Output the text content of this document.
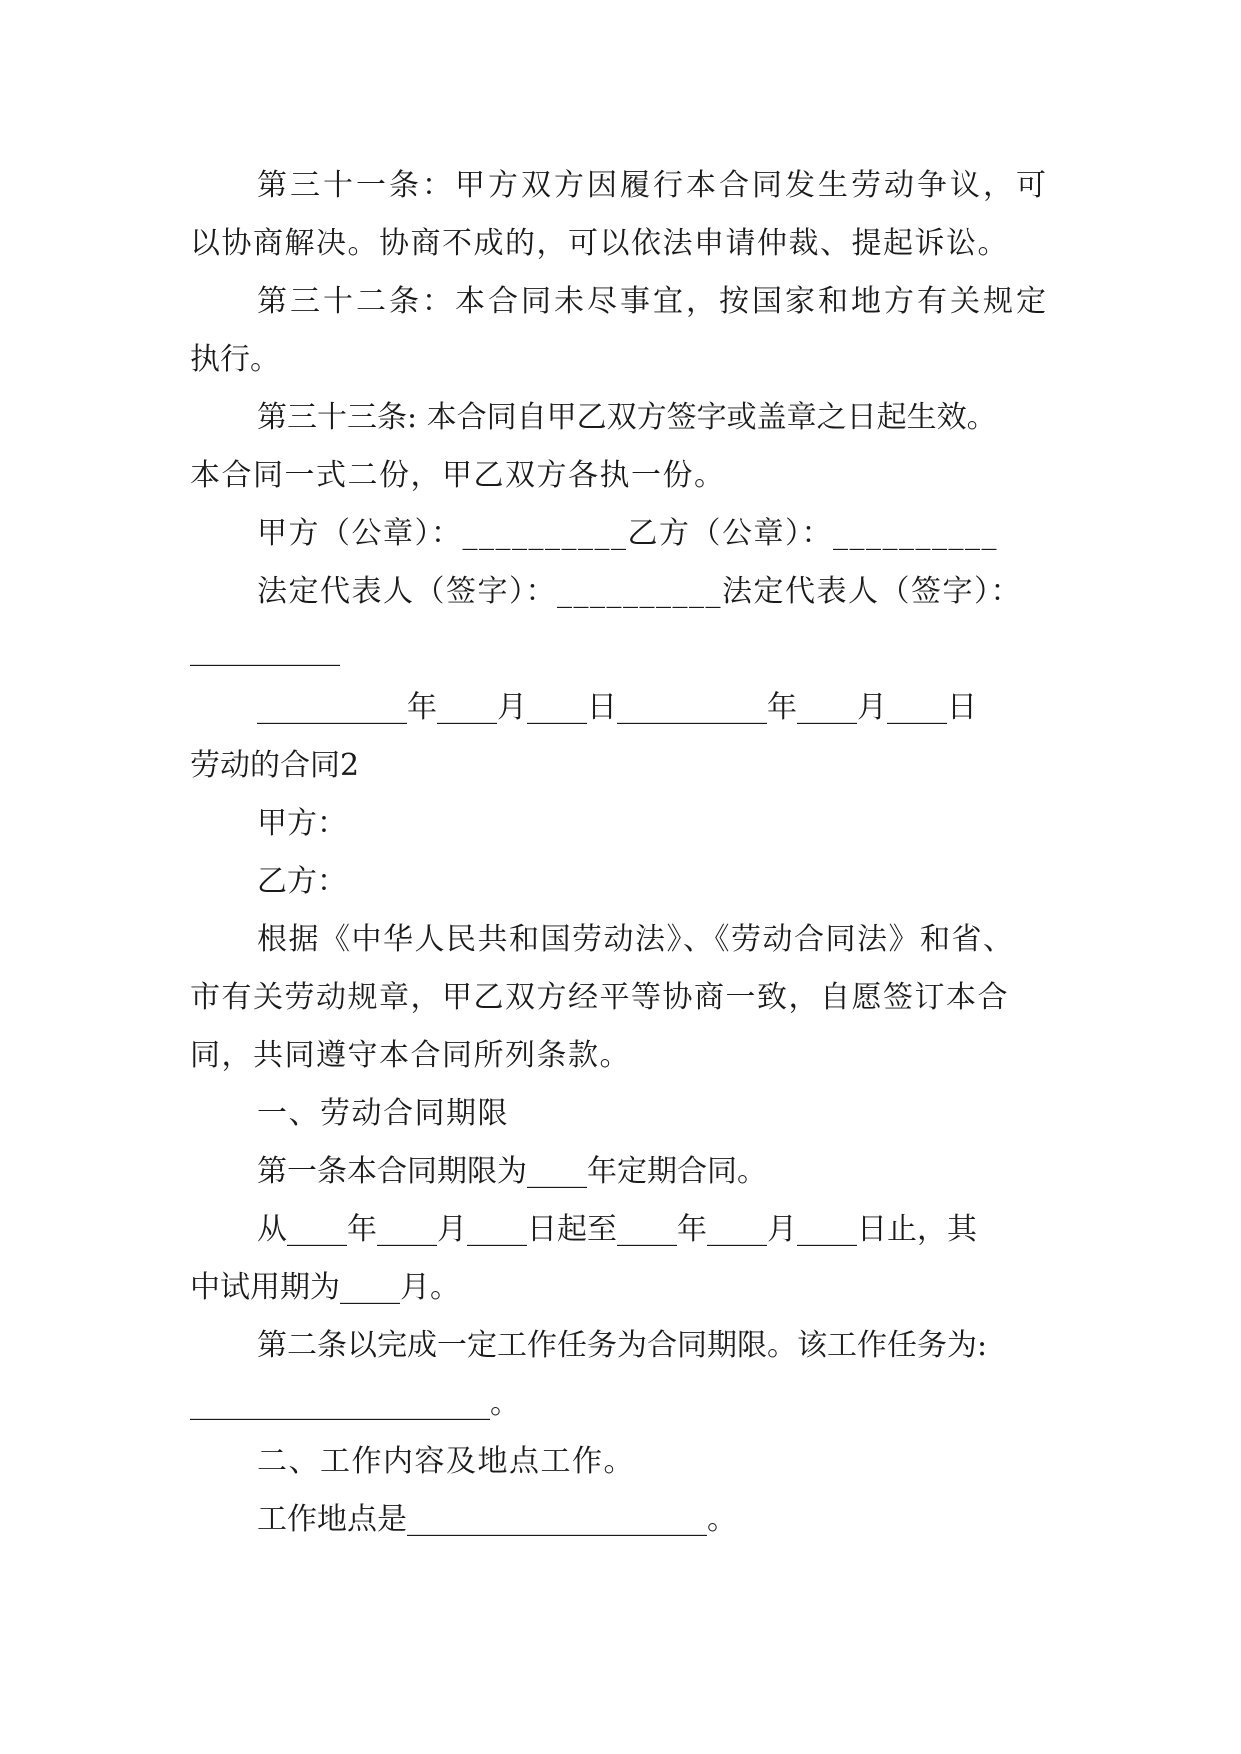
第三十一条：甲方双方因履行本合同发生劳动争议，可

以协商解决。协商不成的，可以依法申请仲裁、提起诉讼。

第三十二条：本合同未尽事宜，按国家和地方有关规定

执行。

第三十三条: 本合同自甲乙双方签字或盖章之日起生效。

本合同一式二份，甲乙双方各执一份。

甲方（公章）：__________乙方（公章）：__________

法定代表人（签字）：__________法定代表人（签字）：

__________

__________年____月____日__________年____月____日

劳动的合同2

甲方：

乙方：

根据《中华人民共和国劳动法》、《劳动合同法》和省、

市有关劳动规章，甲乙双方经平等协商一致，自愿签订本合

同，共同遵守本合同所列条款。

一、劳动合同期限

第一条本合同期限为____年定期合同。

从____年____月____日起至____年____月____日止，其

中试用期为____月。

第二条以完成一定工作任务为合同期限。该工作任务为:

____________________。

二、工作内容及地点工作。

工作地点是____________________。
